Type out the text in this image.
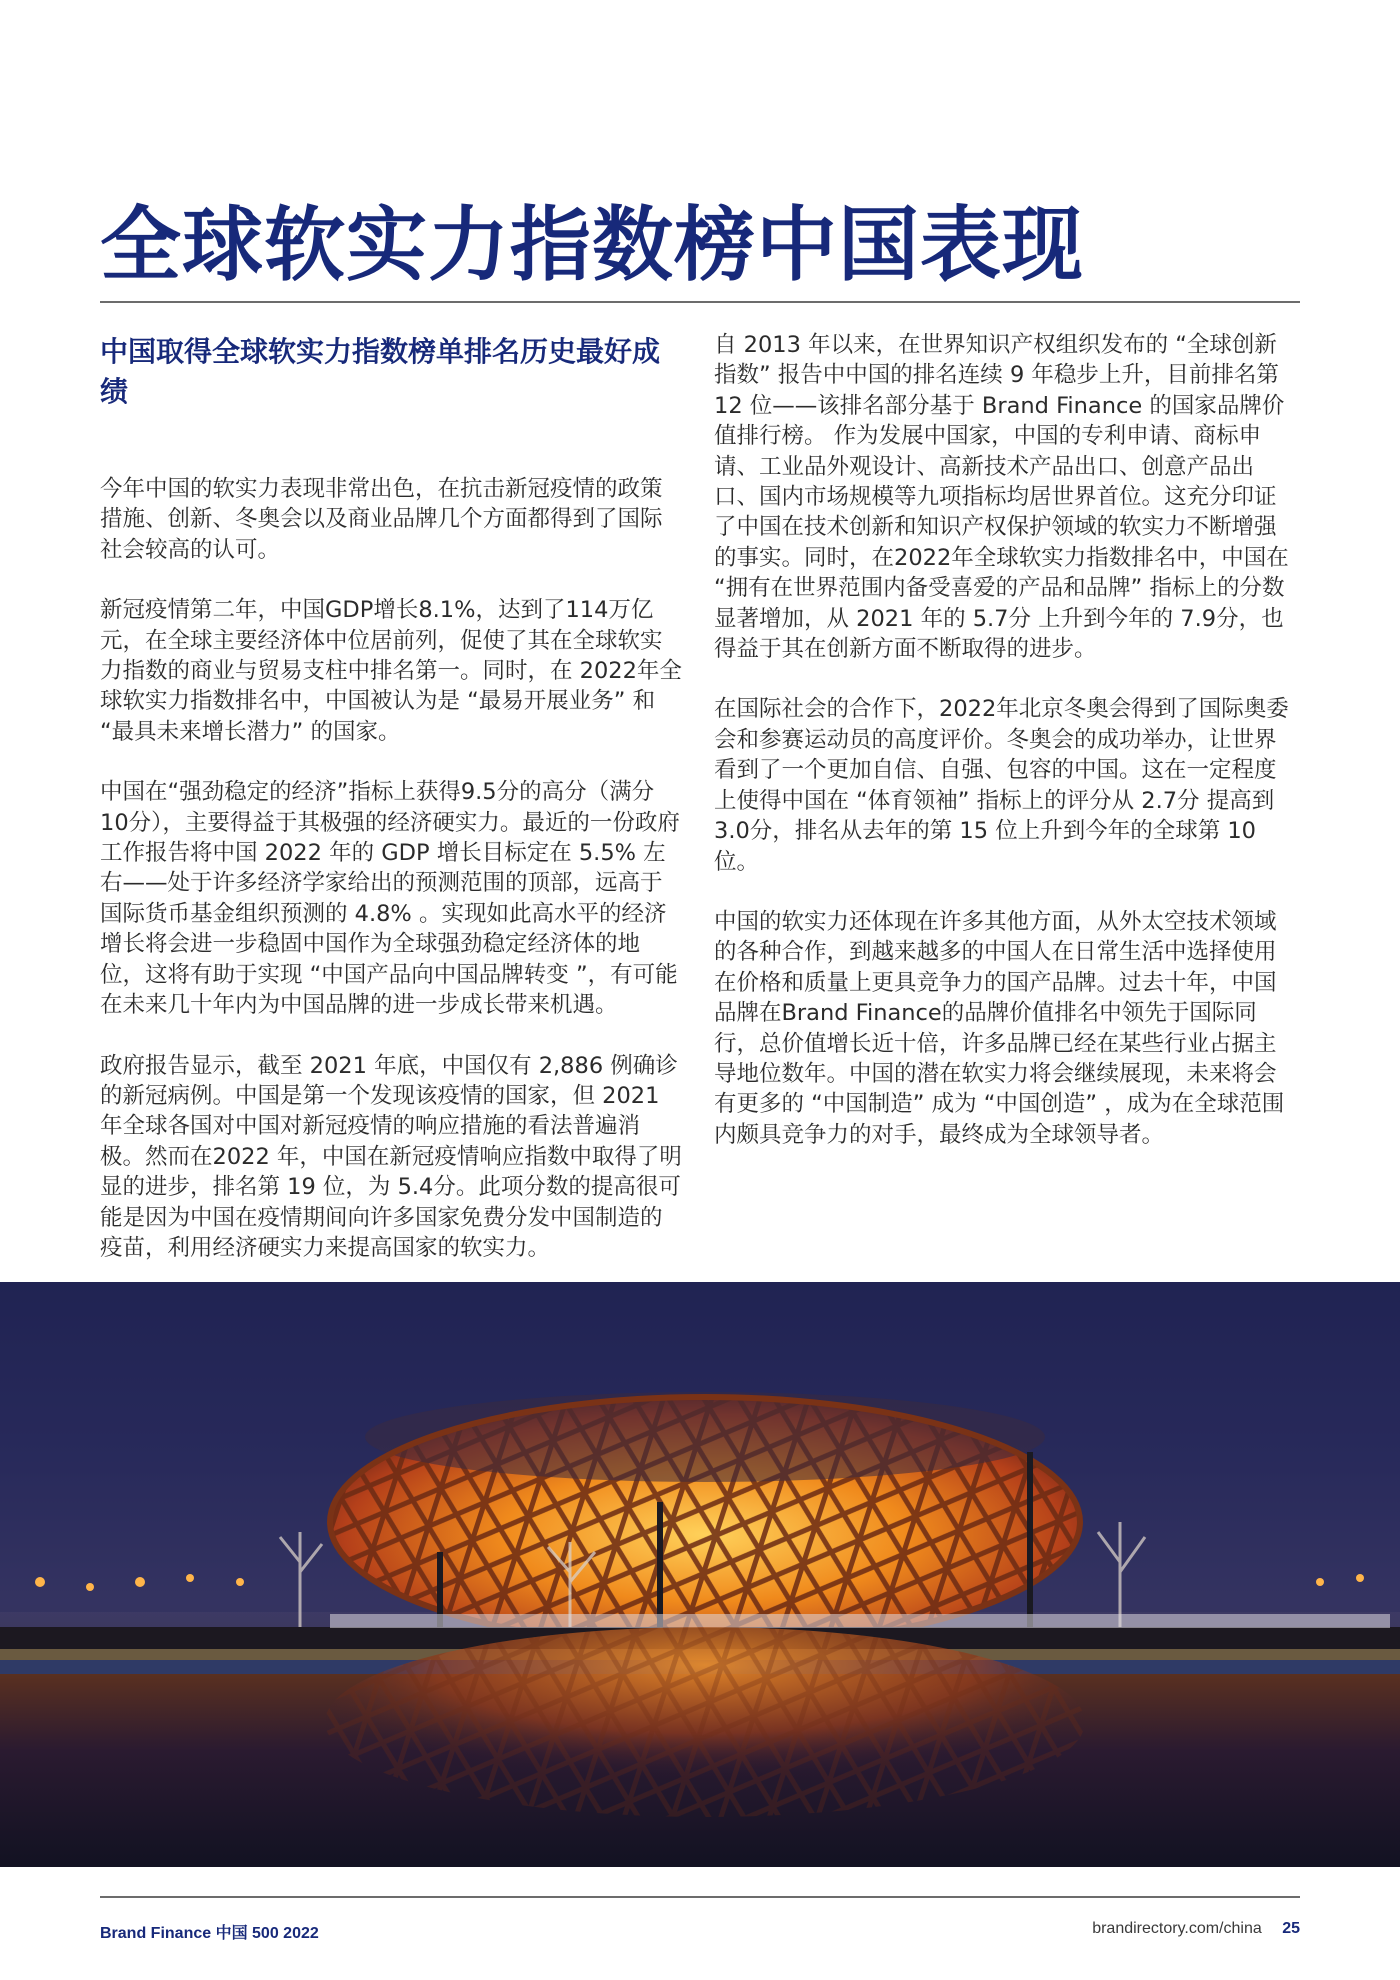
全球软实力指数榜中国表现
中国取得全球软实力指数榜单排名历史最好成绩

今年中国的软实力表现非常出色，在抗击新冠疫情的政策措施、创新、冬奥会以及商业品牌几个方面都得到了国际社会较高的认可。

新冠疫情第二年，中国GDP增长8.1%，达到了114万亿元，在全球主要经济体中位居前列，促使了其在全球软实力指数的商业与贸易支柱中排名第一。同时，在 2022年全球软实力指数排名中，中国被认为是 “最易开展业务” 和 “最具未来增长潜力” 的国家。

中国在“强劲稳定的经济”指标上获得9.5分的高分（满分10分），主要得益于其极强的经济硬实力。最近的一份政府工作报告将中国 2022 年的 GDP 增长目标定在 5.5% 左右——处于许多经济学家给出的预测范围的顶部，远高于国际货币基金组织预测的 4.8% 。实现如此高水平的经济增长将会进一步稳固中国作为全球强劲稳定经济体的地位，这将有助于实现 “中国产品向中国品牌转变 ”，有可能在未来几十年内为中国品牌的进一步成长带来机遇。

政府报告显示，截至 2021 年底，中国仅有 2,886 例确诊的新冠病例。中国是第一个发现该疫情的国家，但 2021 年全球各国对中国对新冠疫情的响应措施的看法普遍消极。然而在2022 年，中国在新冠疫情响应指数中取得了明显的进步，排名第 19 位，为 5.4分。此项分数的提高很可能是因为中国在疫情期间向许多国家免费分发中国制造的疫苗，利用经济硬实力来提高国家的软实力。

自 2013 年以来，在世界知识产权组织发布的 “全球创新指数” 报告中中国的排名连续 9 年稳步上升，目前排名第 12 位——该排名部分基于 Brand Finance 的国家品牌价值排行榜。 作为发展中国家，中国的专利申请、商标申请、工业品外观设计、高新技术产品出口、创意产品出口、国内市场规模等九项指标均居世界首位。这充分印证了中国在技术创新和知识产权保护领域的软实力不断增强的事实。同时，在2022年全球软实力指数排名中，中国在 “拥有在世界范围内备受喜爱的产品和品牌” 指标上的分数显著增加，从 2021 年的 5.7分 上升到今年的 7.9分，也得益于其在创新方面不断取得的进步。

在国际社会的合作下，2022年北京冬奥会得到了国际奥委会和参赛运动员的高度评价。冬奥会的成功举办，让世界看到了一个更加自信、自强、包容的中国。这在一定程度上使得中国在 “体育领袖” 指标上的评分从 2.7分 提高到 3.0分，排名从去年的第 15 位上升到今年的全球第 10 位。

中国的软实力还体现在许多其他方面，从外太空技术领域的各种合作，到越来越多的中国人在日常生活中选择使用在价格和质量上更具竞争力的国产品牌。过去十年，中国品牌在Brand Finance的品牌价值排名中领先于国际同行，总价值增长近十倍，许多品牌已经在某些行业占据主导地位数年。中国的潜在软实力将会继续展现，未来将会有更多的 “中国制造” 成为 “中国创造” ，成为在全球范围内颇具竞争力的对手，最终成为全球领导者。

Brand Finance 中国 500 2022	brandirectory.com/china 25
